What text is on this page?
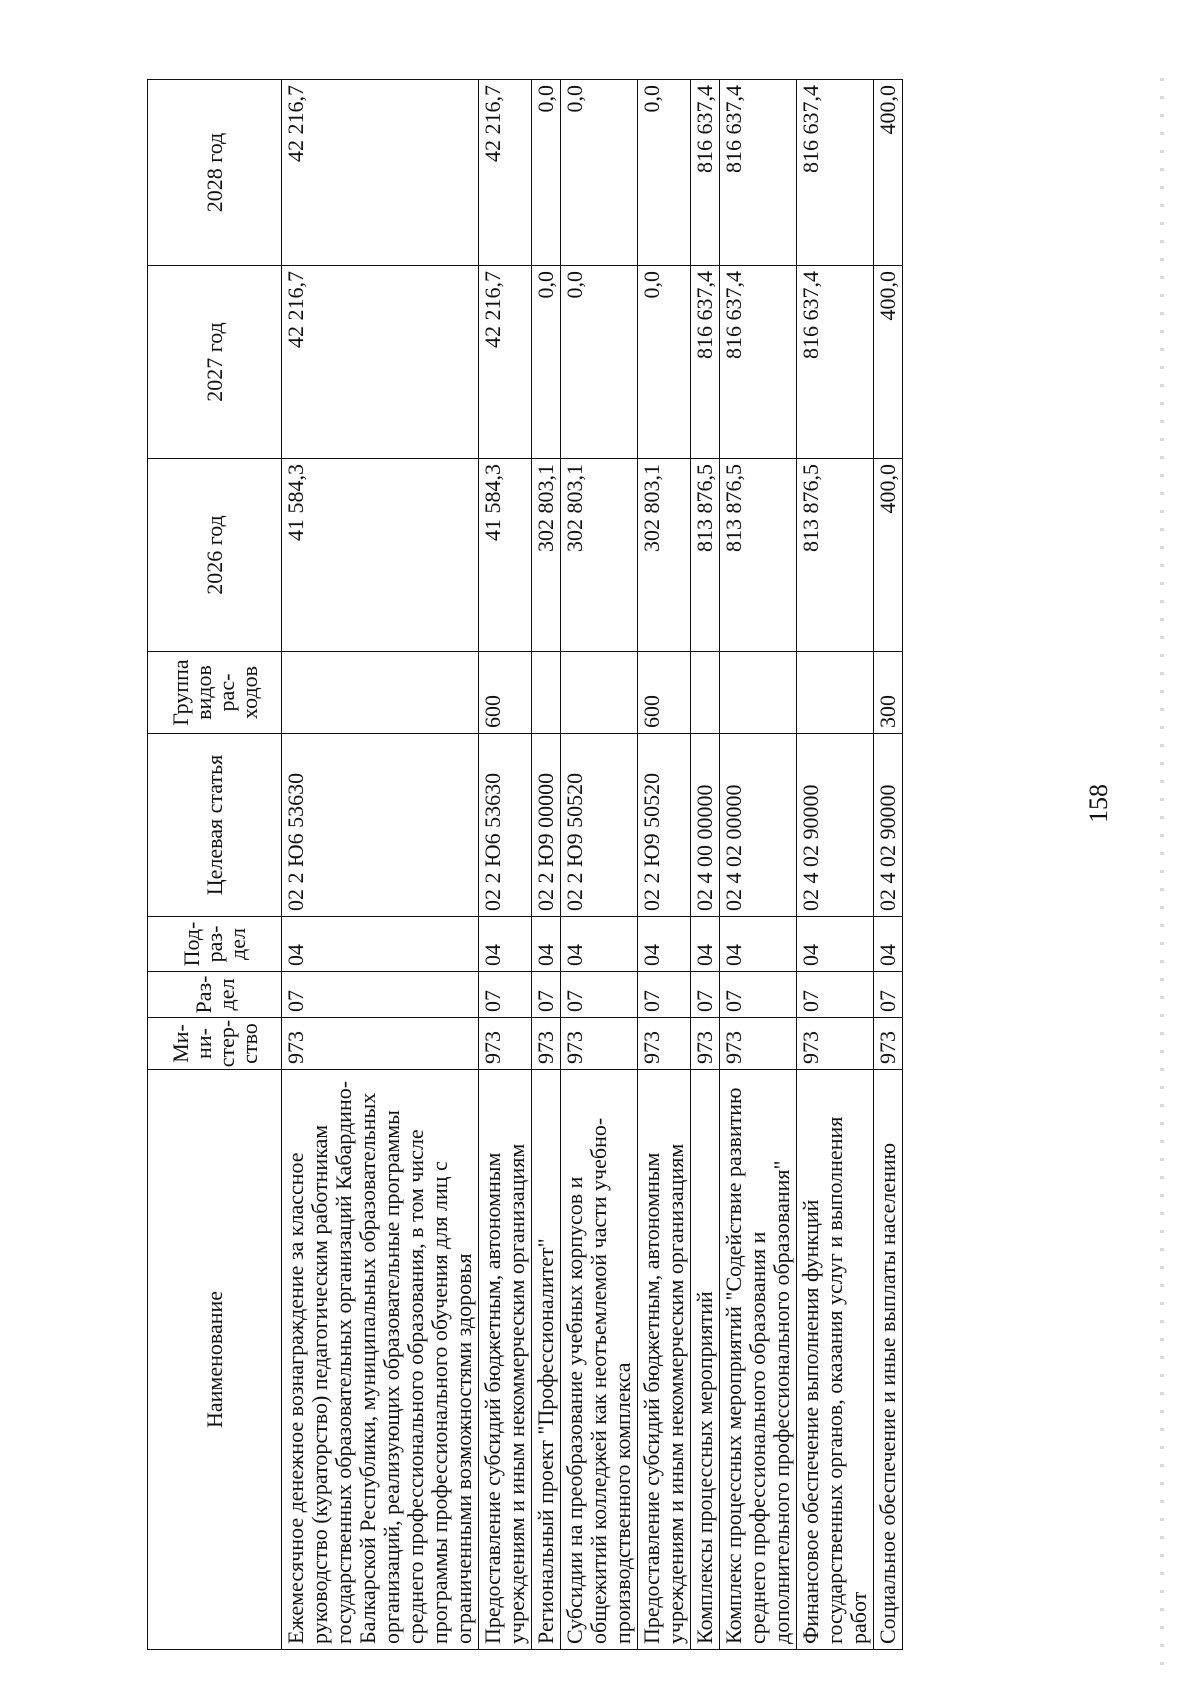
158
Наименование	Ми-ни-стер-ство	Раз-дел	Под-раз-дел	Целевая статья	Группа видов рас-ходов	2026 год	2027 год	2028 год
Ежемесячное денежное вознаграждение за классное руководство (кураторство) педагогическим работникам государственных образовательных организаций Кабардино-Балкарской Республики, муниципальных образовательных организаций, реализующих образовательные программы среднего профессионального образования, в том числе программы профессионального обучения для лиц с ограниченными возможностями здоровья	973	07	04	02 2 Ю6 53630		41 584,3	42 216,7	42 216,7
Предоставление субсидий бюджетным, автономным учреждениям и иным некоммерческим организациям	973	07	04	02 2 Ю6 53630	600	41 584,3	42 216,7	42 216,7
Региональный проект "Профессионалитет"	973	07	04	02 2 Ю9 00000		302 803,1	0,0	0,0
Субсидии на преобразование учебных корпусов и общежитий колледжей как неотъемлемой части учебно-производственного комплекса	973	07	04	02 2 Ю9 50520		302 803,1	0,0	0,0
Предоставление субсидий бюджетным, автономным учреждениям и иным некоммерческим организациям	973	07	04	02 2 Ю9 50520	600	302 803,1	0,0	0,0
Комплексы процессных мероприятий	973	07	04	02 4 00 00000		813 876,5	816 637,4	816 637,4
Комплекс процессных мероприятий "Содействие развитию среднего профессионального образования и дополнительного профессионального образования"	973	07	04	02 4 02 00000		813 876,5	816 637,4	816 637,4
Финансовое обеспечение выполнения функций государственных органов, оказания услуг и выполнения работ	973	07	04	02 4 02 90000		813 876,5	816 637,4	816 637,4
Социальное обеспечение и иные выплаты населению	973	07	04	02 4 02 90000	300	400,0	400,0	400,0
